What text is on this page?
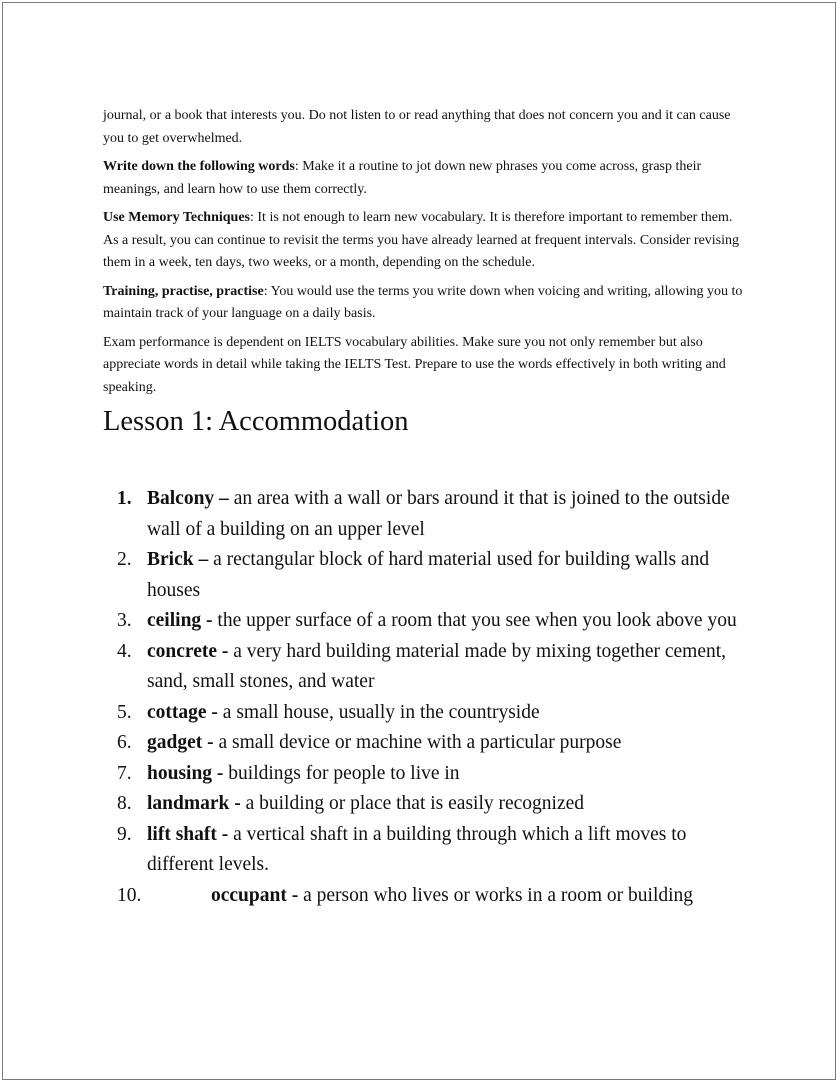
journal, or a book that interests you. Do not listen to or read anything that does not concern you and it can cause you to get overwhelmed.

Write down the following words: Make it a routine to jot down new phrases you come across, grasp their meanings, and learn how to use them correctly.

Use Memory Techniques: It is not enough to learn new vocabulary. It is therefore important to remember them. As a result, you can continue to revisit the terms you have already learned at frequent intervals. Consider revising them in a week, ten days, two weeks, or a month, depending on the schedule.

Training, practise, practise: You would use the terms you write down when voicing and writing, allowing you to maintain track of your language on a daily basis.

Exam performance is dependent on IELTS vocabulary abilities. Make sure you not only remember but also appreciate words in detail while taking the IELTS Test. Prepare to use the words effectively in both writing and speaking.

Lesson 1: Accommodation
1. Balcony – an area with a wall or bars around it that is joined to the outside wall of a building on an upper level
2. Brick – a rectangular block of hard material used for building walls and houses
3. ceiling - the upper surface of a room that you see when you look above you
4. concrete - a very hard building material made by mixing together cement, sand, small stones, and water
5. cottage - a small house, usually in the countryside
6. gadget - a small device or machine with a particular purpose
7. housing - buildings for people to live in
8. landmark - a building or place that is easily recognized
9. lift shaft - a vertical shaft in a building through which a lift moves to different levels.
10.	occupant - a person who lives or works in a room or building
